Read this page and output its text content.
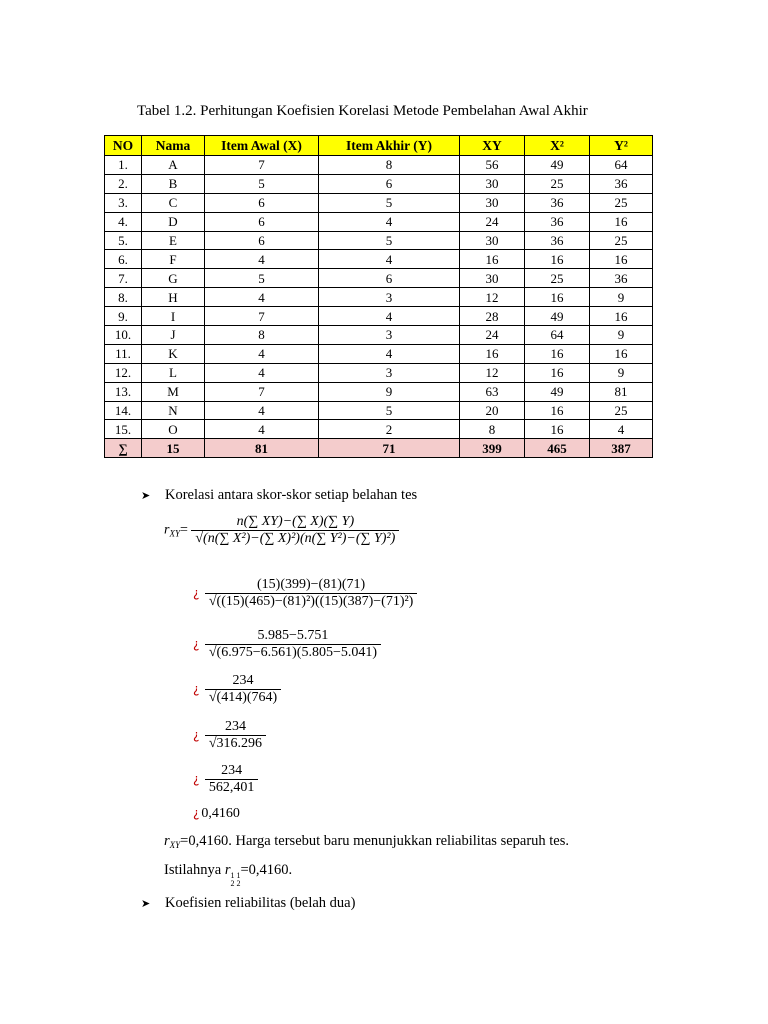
Tabel 1.2. Perhitungan Koefisien Korelasi Metode Pembelahan Awal Akhir
NO	Nama	Item Awal (X)	Item Akhir (Y)	XY	X²	Y²
1.	A	7	8	56	49	64
2.	B	5	6	30	25	36
3.	C	6	5	30	36	25
4.	D	6	4	24	36	16
5.	E	6	5	30	36	25
6.	F	4	4	16	16	16
7.	G	5	6	30	25	36
8.	H	4	3	12	16	9
9.	I	7	4	28	49	16
10.	J	8	3	24	64	9
11.	K	4	4	16	16	16
12.	L	4	3	12	16	9
13.	M	7	9	63	49	81
14.	N	4	5	20	16	25
15.	O	4	2	8	16	4
∑	15	81	71	399	465	387
➤ Korelasi antara skor-skor setiap belahan tes
$r_{XY}= \frac{n(\sum XY)-(\sum X)(\sum Y)}{\text{√(n(∑ X²)−(∑ X)²)(n(∑ Y²)−(∑ Y)²)}}$
¿ $\frac{(15)(399)-(81)(71)}{\text{√((15)(465)−(81)²)((15)(387)−(71)²)}}$
¿ $\frac{5.985-5.751}{√(6.975-6.561)(5.805-5.041)}$
¿ $\frac{234}{√(414)(764)}$
¿ $\frac{234}{√316.296}$
¿ $\frac{234}{562,401}$
¿ 0,4160
$r_{XY}=0,4160$. Harga tersebut baru menunjukkan reliabilitas separuh tes.
Istilahnya r 1 1
2 2
=0,4160.
➤ Koefisien reliabilitas (belah dua)
